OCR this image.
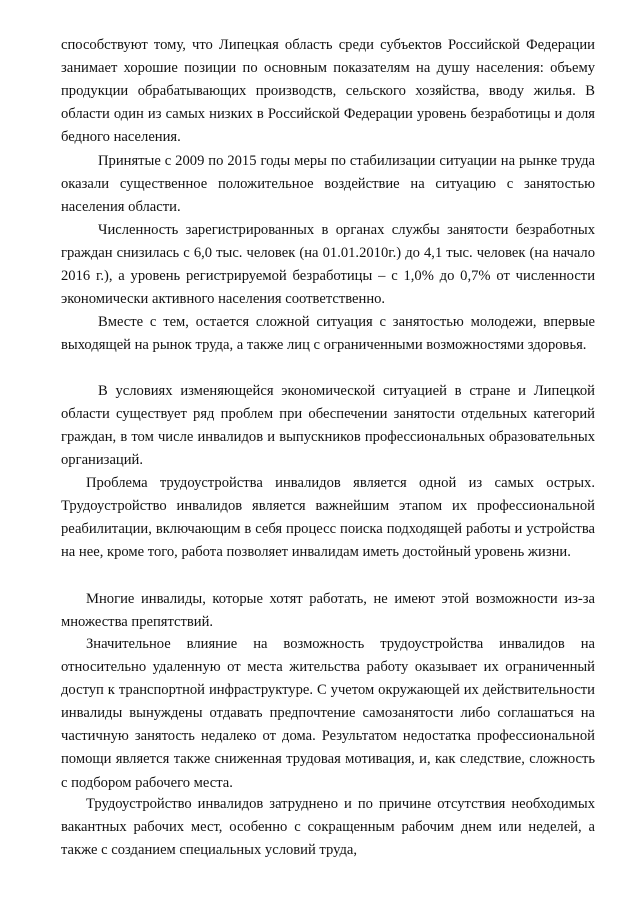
способствуют тому, что Липецкая область среди субъектов Российской Федерации занимает хорошие позиции по основным показателям на душу населения: объему продукции обрабатывающих производств, сельского хозяйства, вводу жилья. В области один из самых низких в Российской Федерации уровень безработицы и доля бедного населения.

Принятые с 2009 по 2015 годы меры по стабилизации ситуации на рынке труда оказали существенное положительное воздействие на ситуацию с занятостью населения области.

Численность зарегистрированных в органах службы занятости безработных граждан снизилась с 6,0 тыс. человек (на 01.01.2010г.) до 4,1 тыс. человек (на начало 2016 г.), а уровень регистрируемой безработицы – с 1,0% до 0,7% от численности экономически активного населения соответственно.

Вместе с тем, остается сложной ситуация с занятостью молодежи, впервые выходящей на рынок труда, а также лиц с ограниченными возможностями здоровья.

В условиях изменяющейся экономической ситуацией в стране и Липецкой области существует ряд проблем при обеспечении занятости отдельных категорий граждан, в том числе инвалидов и выпускников профессиональных образовательных организаций.

Проблема трудоустройства инвалидов является одной из самых острых. Трудоустройство инвалидов является важнейшим этапом их профессиональной реабилитации, включающим в себя процесс поиска подходящей работы и устройства на нее, кроме того, работа позволяет инвалидам иметь достойный уровень жизни.

Многие инвалиды, которые хотят работать, не имеют этой возможности из-за множества препятствий.

Значительное влияние на возможность трудоустройства инвалидов на относительно удаленную от места жительства работу оказывает их ограниченный доступ к транспортной инфраструктуре. С учетом окружающей их действительности инвалиды вынуждены отдавать предпочтение самозанятости либо соглашаться на частичную занятость недалеко от дома. Результатом недостатка профессиональной помощи является также сниженная трудовая мотивация, и, как следствие, сложность с подбором рабочего места.

Трудоустройство инвалидов затруднено и по причине отсутствия необходимых вакантных рабочих мест, особенно с сокращенным рабочим днем или неделей, а также с созданием специальных условий труда,
